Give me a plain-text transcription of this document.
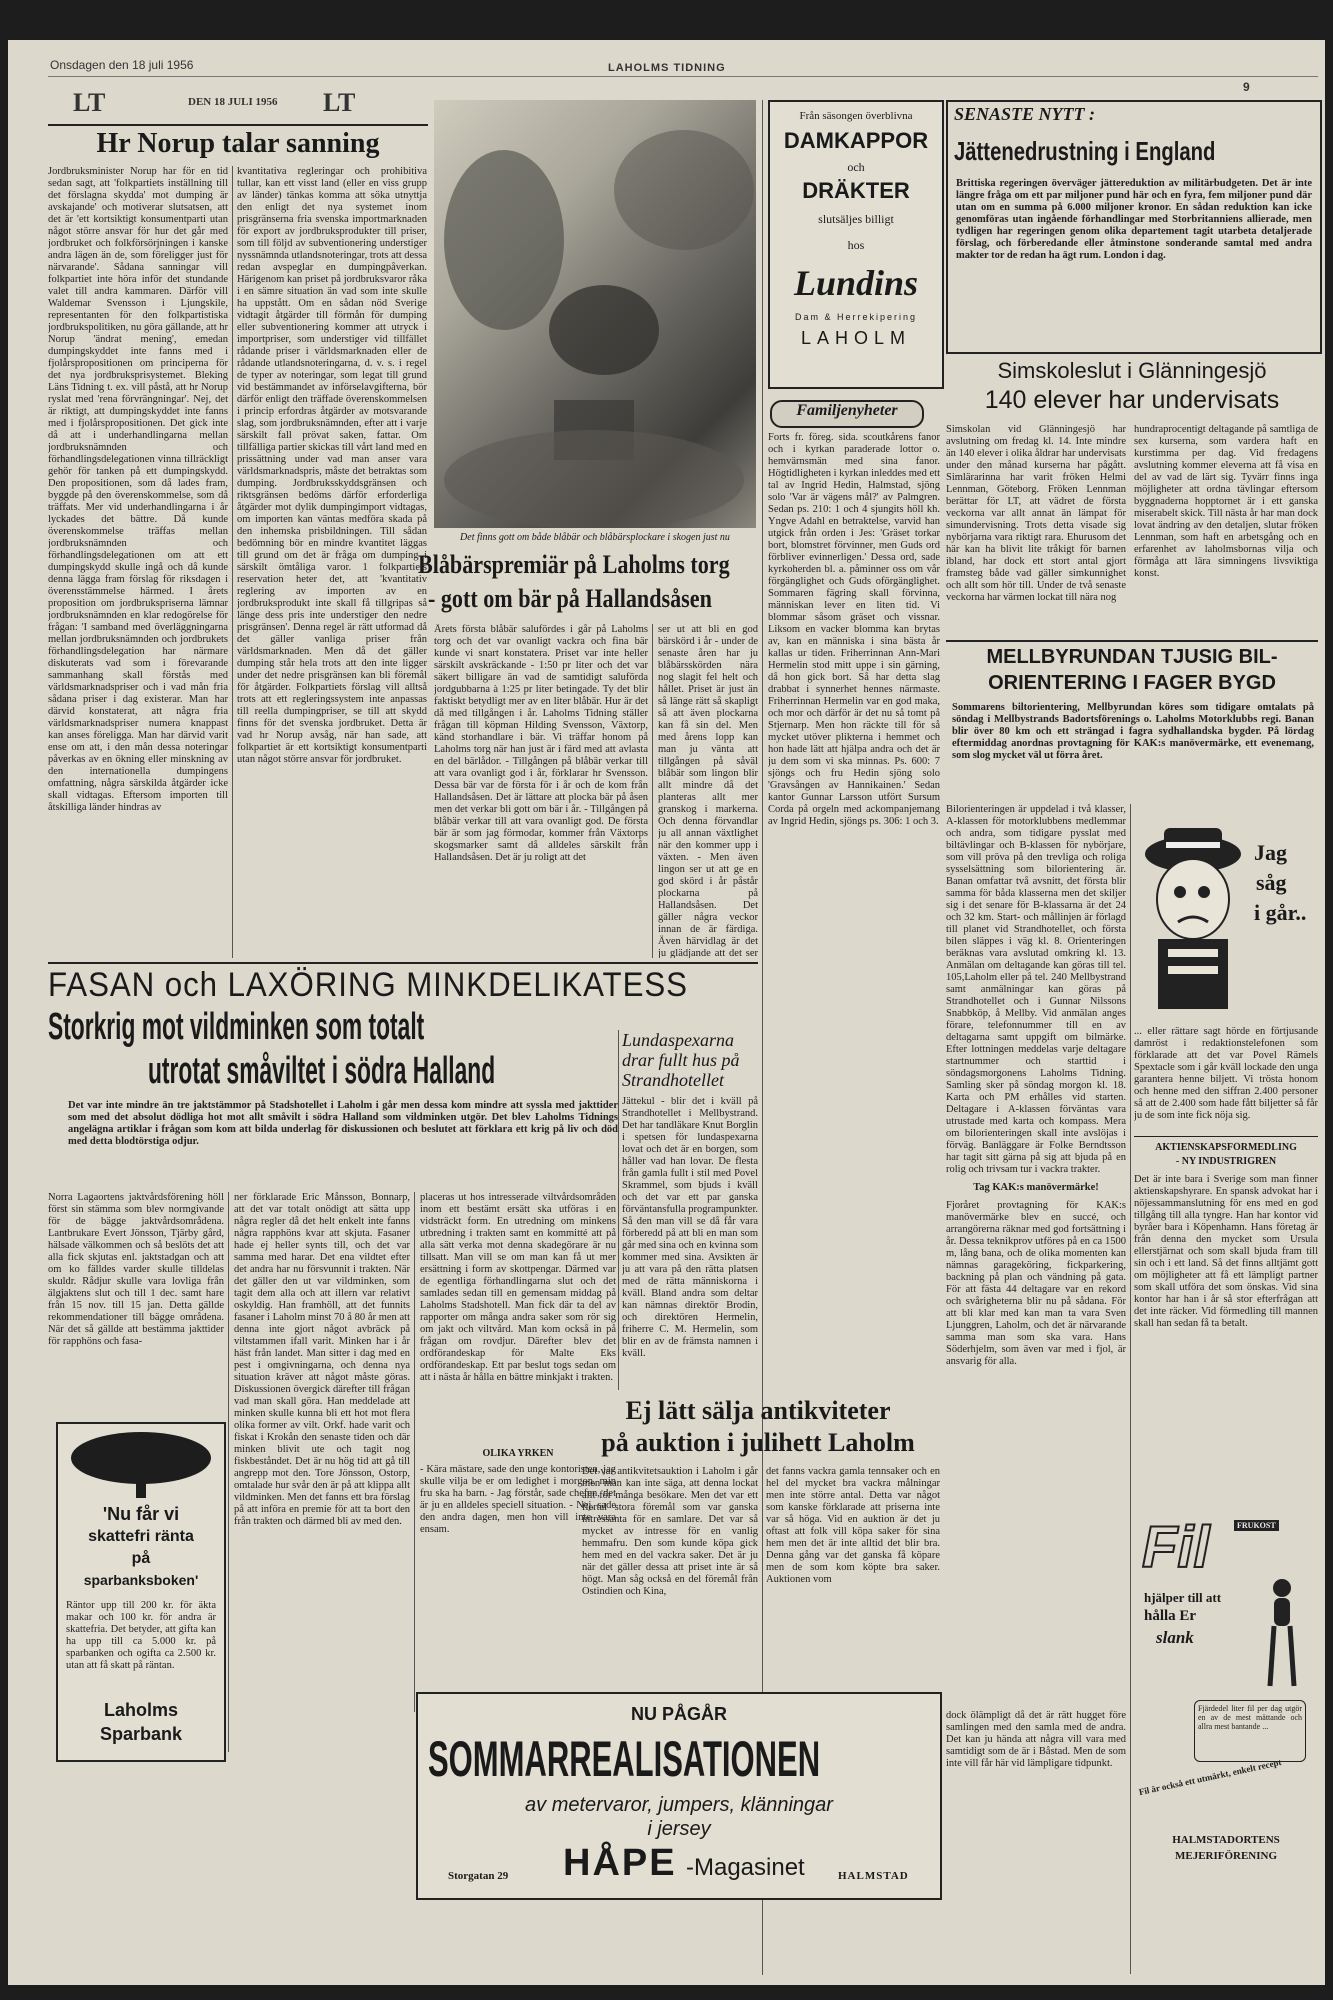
Onsdagen den 18 juli 1956	LAHOLMS TIDNING
9
LT	DEN 18 JULI 1956 LT
Hr Norup talar sanning

Jordbruksminister Norup har för en tid sedan sagt, att 'folkpartiets inställning till det förslagna skydda' mot dumping är avskajande' och motiverar slutsatsen, att det är 'ett kortsiktigt konsumentparti utan något större ansvar för hur det går med jordbruket och folkförsörjningen i kanske andra lägen än de, som föreligger just för närvarande'. Sådana sanningar vill folkpartiet inte höra inför det stundande valet till andra kammaren. Därför vill Waldemar Svensson i Ljungskile, representanten för den folkpartistiska jordbrukspolitiken, nu göra gällande, att hr Norup 'ändrat mening', emedan dumpingskyddet inte fanns med i fjolårspropositionen om principerna för det nya jordbruksprisystemet. Bleking Läns Tidning t. ex. vill påstå, att hr Norup ryslat med 'rena förvrängningar'. Nej, det är riktigt, att dumpingskyddet inte fanns med i fjolårspropositionen. Det gick inte då att i underhandlingarna mellan jordbruksnämnden och förhandlingsdelegationen vinna tillräckligt gehör för tanken på ett dumpingskydd. Den propositionen, som då lades fram, byggde på den överenskommelse, som då träffats. Mer vid underhandlingarna i år lyckades det bättre. Då kunde överenskommelse träffas mellan jordbruksnämnden och förhandlingsdelegationen om att ett dumpingskydd skulle ingå och då kunde denna lägga fram förslag för riksdagen i överensstämmelse härmed. I årets proposition om jordbrukspriserna lämnar jordbruksnämnden en klar redogörelse för frågan: 'I samband med överläggningarna mellan jordbruksnämnden och jordbrukets förhandlingsdelegation har närmare diskuterats vad som i förevarande sammanhang skall förstås med världsmarknadspriser och i vad mån fria sådana priser i dag existerar. Man har därvid konstaterat, att några fria världsmarknadspriser numera knappast kan anses föreligga. Man har därvid varit ense om att, i den mån dessa noteringar påverkas av en ökning eller minskning av den internationella dumpingens omfattning, några särskilda åtgärder icke skall vidtagas. Eftersom importen till åtskilliga länder hindras av

kvantitativa regleringar och prohibitiva tullar, kan ett visst land (eller en viss grupp av länder) tänkas komma att söka utnyttja den enligt det nya systemet inom prisgränserna fria svenska importmarknaden för export av jordbruksprodukter till priser, som till följd av subventionering understiger nyssnämnda utlandsnoteringar, trots att dessa redan avspeglar en dumpingpåverkan. Härigenom kan priset på jordbruksvaror råka i en sämre situation än vad som inte skulle ha uppstått. Om en sådan nöd Sverige vidtagit åtgärder till förmån för dumping eller subventionering kommer att utryck i importpriser, som understiger vid tillfället rådande priser i världsmarknaden eller de rådande utlandsnoteringarna, d. v. s. i regel de typer av noteringar, som legat till grund vid bestämmandet av införselavgifterna, bör därför enligt den träffade överenskommelsen i princip erfordras åtgärder av motsvarande slag, som jordbruksnämnden, efter att i varje särskilt fall prövat saken, fattar. Om tillfälliga partier skickas till vårt land med en prissättning under vad man anser vara världsmarknadspris, måste det betraktas som dumping. Jordbruksskyddsgränsen och riktsgränsen bedöms därför erforderliga åtgärder mot dylik dumpingimport vidtagas, om importen kan väntas medföra skada på den inhemska prisbildningen. Till sådan bedömning bör en mindre kvantitet läggas till grund om det är fråga om dumping i särskilt ömtåliga varor. 1 folkpartiets reservation heter det, att 'kvantitativ reglering av importen av en jordbruksprodukt inte skall få tillgripas så länge dess pris inte understiger den nedre prisgränsen'. Denna regel är rätt utformad då det gäller vanliga priser från världsmarknaden. Men då det gäller dumping står hela trots att den inte ligger under det nedre prisgränsen kan bli föremål för åtgärder. Folkpartiets förslag vill alltså trots att ett regleringssystem inte anpassas till reella dumpingpriser, se till att skydd finns för det svenska jordbruket. Detta är vad hr Norup avsåg, när han sade, att folkpartiet är ett kortsiktigt konsumentparti utan något större ansvar för jordbruket.

Det finns gott om både blåbär och blåbärsplockare i skogen just nu
Blåbärspremiär på Laholms torg
- gott om bär på Hallandsåsen

Årets första blåbär salufördes i går på Laholms torg och det var ovanligt vackra och fina bär kunde vi snart konstatera. Priset var inte heller särskilt avskräckande - 1:50 pr liter och det var säkert billigare än vad de samtidigt saluförda jordgubbarna à 1:25 pr liter betingade. Ty det blir faktiskt betydligt mer av en liter blåbär. Hur är det då med tillgången i år. Laholms Tidning ställer frågan till köpman Hilding Svensson, Växtorp, känd storhandlare i bär. Vi träffar honom på Laholms torg när han just är i färd med att avlasta en del bärlådor. - Tillgången på blåbär verkar till att vara ovanligt god i år, förklarar hr Svensson. Dessa bär var de första för i år och de kom från Hallandsåsen. Det är lättare att plocka bär på åsen men det verkar bli gott om bär i år. - Tillgången på blåbär verkar till att vara ovanligt god. De första bär är som jag förmodar, kommer från Växtorps skogsmarker samt då alldeles särskilt från Hallandsåsen. Det är ju roligt att det

ser ut att bli en god bärskörd i år - under de senaste åren har ju blåbärsskörden nära nog slagit fel helt och hållet. Priset är just än så länge rätt så skapligt så att även plockarna kan få sin del. Men med årens lopp kan man ju vänta att tillgången på såväl blåbär som lingon blir allt mindre då det planteras allt mer granskog i markerna. Och denna förvandlar ju all annan växtlighet när den kommer upp i växten. - Men även lingon ser ut att ge en god skörd i år påstår plockarna på Hallandsåsen. Det gäller några veckor innan de är färdiga. Även härvidlag är det ju glädjande att det ser

Från säsongen överblivna
DAMKAPPOR
och
DRÄKTER
slutsäljes billigt
hos
Lundins
Dam & Herrekipering
LAHOLM
Familjenyheter

Forts fr. föreg. sida. scoutkårens fanor och i kyrkan paraderade lottor o. hemvärnsmän med sina fanor. Högtidligheten i kyrkan inleddes med ett tal av Ingrid Hedin, Halmstad, sjöng solo 'Var är vägens mål?' av Palmgren. Sedan ps. 210: 1 och 4 sjungits höll kh. Yngve Adahl en betraktelse, varvid han utgick från orden i Jes: 'Gräset torkar bort, blomstret förvinner, men Guds ord förbliver evinnerligen.' Dessa ord, sade kyrkoherden bl. a. påminner oss om vår förgänglighet och Guds oförgänglighet. Sommaren fägring skall förvinna, människan lever en liten tid. Vi blommar såsom gräset och vissnar. Liksom en vacker blomma kan brytas av, kan en människa i sina bästa år kallas ur tiden. Friherrinnan Ann-Mari Hermelin stod mitt uppe i sin gärning, då hon gick bort. Så har detta slag drabbat i synnerhet hennes närmaste. Friherrinnan Hermelin var en god maka, och mor och därför är det nu så tomt på Stjernarp. Men hon räckte till för så mycket utöver plikterna i hemmet och hon hade lätt att hjälpa andra och det är ju dem som vi ska minnas. Ps. 600: 7 sjöngs och fru Hedin sjöng solo 'Gravsången av Hannikainen.' Sedan kantor Gunnar Larsson utfört Sursum Corda på orgeln med ackompanjemang av Ingrid Hedin, sjöngs ps. 306: 1 och 3.

SENASTE NYTT :
Jättenedrustning i England

Brittiska regeringen överväger jättereduktion av militärbudgeten. Det är inte längre fråga om ett par miljoner pund här och en fyra, fem miljoner pund där utan om en summa på 6.000 miljoner kronor. En sådan reduktion kan icke genomföras utan ingående förhandlingar med Storbritanniens allierade, men tydligen har regeringen genom olika departement tagit utarbeta detaljerade förslag, och förberedande eller åtminstone sonderande samtal med andra makter tor de redan ha ägt rum. London i dag.

Simskoleslut i Glänningesjö
140 elever har undervisats

Simskolan vid Glänningesjö har avslutning om fredag kl. 14. Inte mindre än 140 elever i olika åldrar har undervisats under den månad kurserna har pågått. Simlärarinna har varit fröken Helmi Lennman, Göteborg. Fröken Lennman berättar för LT, att vädret de första veckorna var allt annat än lämpat för simundervisning. Trots detta visade sig nybörjarna vara riktigt rara. Ehurusom det här kan ha blivit lite tråkigt för barnen ibland, har dock ett stort antal gjort framsteg både vad gäller simkunnighet och allt som hör till. Under de två senaste veckorna har värmen lockat till nära nog

hundraprocentigt deltagande på samtliga de sex kurserna, som vardera haft en kurstimma per dag. Vid fredagens avslutning kommer eleverna att få visa en del av vad de lärt sig. Tyvärr finns inga möjligheter att ordna tävlingar eftersom byggnaderna hopptornet är i ett ganska miserabelt skick. Till nästa år har man dock lovat ändring av den detaljen, slutar fröken Lennman, som haft en arbetsgång och en erfarenhet av laholmsbornas vilja och förmåga att lära simningens livsviktiga konst.

MELLBYRUNDAN TJUSIG BIL-
ORIENTERING I FAGER BYGD

Sommarens biltorientering, Mellbyrundan köres som tidigare omtalats på söndag i Mellbystrands Badortsförenings o. Laholms Motorklubbs regi. Banan blir över 80 km och ett strängad i fagra sydhallandska bygder. På lördag eftermiddag anordnas provtagning för KAK:s manövermärke, ett evenemang, som slog mycket väl ut förra året.

Bilorienteringen är uppdelad i två klasser, A-klassen för motorklubbens medlemmar och andra, som tidigare pysslat med biltävlingar och B-klassen för nybörjare, som vill pröva på den trevliga och roliga sysselsättning som bilorientering är. Banan omfattar två avsnitt, det första blir samma för båda klasserna men det skiljer sig i det senare för B-klassarna är det 24 och 32 km. Start- och mållinjen är förlagd till planet vid Strandhotellet, och första bilen släppes i väg kl. 8. Orienteringen beräknas vara avslutad omkring kl. 13. Anmälan om deltagande kan göras till tel. 105,Laholm eller på tel. 240 Mellbystrand samt anmälningar kan göras på Strandhotellet och i Gunnar Nilssons Snabbköp, å Mellby. Vid anmälan anges förare, telefonnummer till en av deltagarna samt uppgift om bilmärke. Efter lottningen meddelas varje deltagare startnummer och starttid i söndagsmorgonens Laholms Tidning. Samling sker på söndag morgon kl. 18. Karta och PM erhålles vid starten. Deltagare i A-klassen förväntas vara utrustade med karta och kompass. Mera om bilorienteringen skall inte avslöjas i förväg. Banläggare är Folke Berndtsson har tagit sitt gärna på sig att bjuda på en rolig och trivsam tur i vackra trakter.

Tag KAK:s manövermärke!

Fjoråret provtagning för KAK:s manövermärke blev en succé, och arrangörerna räknar med god fortsättning i år. Dessa teknikprov utföres på en ca 1500 m, lång bana, och de olika momenten kan nämnas garageköring, fickparkering, backning på plan och vändning på gata. För att fästa 44 deltagare var en rekord och svårigheterna blir nu på sådana. För att bli klar med kan man ta vara Sven Ljunggren, Laholm, och det är närvarande samma man som ska vara. Hans Söderhjelm, som även var med i fjol, är ansvarig för alla.

dock ölämpligt då det är rätt hugget före samlingen med den samla med de andra. Det kan ju hända att några vill vara med samtidigt som de är i Båstad. Men de som inte vill får här vid lämpligare tidpunkt.

Jag
såg
i går..

... eller rättare sagt hörde en förtjusande damröst i redaktionstelefonen som förklarade att det var Povel Rämels Spextacle som i går kväll lockade den unga garantera henne biljett. Vi trösta honom och henne med den siffran 2.400 personer så att de 2.400 som hade fått biljetter så får ju de som inte fick nöja sig.

AKTIENSKAPSFÖRMEDLING
- NY INDUSTRIGREN

Det är inte bara i Sverige som man finner aktienskapshyrare. En spansk advokat har i nöjessammanslutning för ens med en god tillgång till alla tyngre. Han har kontor vid byråer bara i Köpenhamn. Hans företag är från denna den mycket som Ursula ellerstjärnat och som skall bjuda fram till sin och i ett land. Så det finns alltjämt gott om möjligheter att få ett lämpligt partner som skall utföra det som önskas. Vid sina kontor har han i år så stor efterfrågan att det inte räcker. Vid förmedling till mannen skall han sedan få ta betalt.

Fil	FRUKOST
hjälper till att
hålla Er
slank

Fjärdedel liter fil per dag utgör en av de mest mättande och allra mest bantande ...

Fil är också ett utmärkt, enkelt recept

HALMSTADORTENS
MEJERIFÖRENING
FASAN och LAXÖRING MINKDELIKATESS
Storkrig mot vildminken som totalt
utrotat småviltet i södra Halland

Det var inte mindre än tre jaktstämmor på Stadshotellet i Laholm i går men dessa kom mindre att syssla med jakttider som med det absolut dödliga hot mot allt småvilt i södra Halland som vildminken utgör. Det blev Laholms Tidnings angelägna artiklar i frågan som kom att bilda underlag för diskussionen och beslutet att förklara ett krig på liv och död med detta blodtörstiga odjur.

Norra Lagaortens jaktvårdsförening höll först sin stämma som blev normgivande för de bägge jaktvårdsområdena. Lantbrukare Evert Jönsson, Tjärby gård, hälsade välkommen och så beslöts det att alla fick skjutas enl. jaktstadgan och att om ko fälldes varder skulle tilldelas skuldr. Rådjur skulle vara lovliga från älgjaktens slut och till 1 dec. samt hare från 15 nov. till 15 jan. Detta gällde rekommendationer till bägge områdena. När det så gällde att bestämma jakttider för rapphöns och fasa-

ner förklarade Eric Månsson, Bonnarp, att det var totalt onödigt att sätta upp några regler då det helt enkelt inte fanns några rapphöns kvar att skjuta. Fasaner hade ej heller synts till, och det var samma med harar. Det ena vildtet efter det andra har nu försvunnit i trakten. När det gäller den ut var vildminken, som tagit dem alla och att illern var relativt oskyldig. Han framhöll, att det funnits fasaner i Laholm minst 70 å 80 år men att denna inte gjort något avbräck på viltstammen ifall varit. Minken har i år häst från landet. Man sitter i dag med en pest i omgivningarna, och denna nya situation kräver att något måste göras. Diskussionen övergick därefter till frågan vad man skall göra. Han meddelade att minken skulle kunna bli ett hot mot flera olika former av vilt. Orkf. hade varit och fiskat i Krokån den senaste tiden och där minken blivit ute och tagit nog fiskbeståndet. Det är nu hög tid att gå till angrepp mot den. Tore Jönsson, Ostorp, omtalade hur svår den är på att klippa allt vildminken. Men det fanns ett bra förslag på att införa en premie för att ta bort den från trakten och därmed bli av med den.

placeras ut hos intresserade viltvårdsområden inom ett bestämt ersätt ska utföras i en vidsträckt form. En utredning om minkens utbredning i trakten samt en kommitté att på alla sätt verka mot denna skadegörare är nu tillsatt. Man vill se om man kan få ut mer ersättning i form av skottpengar. Därmed var de egentliga förhandlingarna slut och det samlades sedan till en gemensam middag på Laholms Stadshotell. Man fick där ta del av rapporter om många andra saker som rör sig om jakt och viltvård. Man kom också in på frågan om rovdjur. Därefter blev det ordförandeskap för Malte Eks ordförandeskap. Ett par beslut togs sedan om att i nästa år hålla en bättre minkjakt i trakten.

OLIKA YRKEN

- Kära mästare, sade den unge kontoristen, jag skulle vilja be er om ledighet i morgon, min fru ska ha barn. - Jag förstår, sade chefen, det är ju en alldeles speciell situation. - Nej, sade den andra dagen, men hon vill inte vara ensam.

'Nu får vi
skattefri ränta
på
sparbanksboken'

Räntor upp till 200 kr. för äkta makar och 100 kr. för andra är skattefria. Det betyder, att gifta kan ha upp till ca 5.000 kr. på sparbanken och ogifta ca 2.500 kr. utan att få skatt på räntan.

Laholms
Sparbank
Lundaspexarna
drar fullt hus på
Strandhotellet

Jättekul - blir det i kväll på Strandhotellet i Mellbystrand. Det har tandläkare Knut Borglin i spetsen för lundaspexarna lovat och det är en borgen, som håller vad han lovar. De flesta från gamla fullt i stil med Povel Skrammel, som bjuds i kväll och det var ett par ganska förväntansfulla programpunkter. Så den man vill se då får vara förberedd på att bli en man som går med sina och en kvinna som kommer med sina. Avsikten är ju att vara på den rätta platsen med de rätta människorna i kväll. Bland andra som deltar kan nämnas direktör Brodin, och direktören Hermelin, friherre C. M. Hermelin, som blir en av de främsta namnen i kväll.

Ej lätt sälja antikviteter
på auktion i julihett Laholm

Det var antikvitetsauktion i Laholm i går men man kan inte säga, att denna lockat allt för många besökare. Men det var ett flertal stora föremål som var ganska intressanta för en samlare. Det var så mycket av intresse för en vanlig hemmafru. Den som kunde köpa gick hem med en del vackra saker. Det är ju när det gäller dessa att priset inte är så högt. Man såg också en del föremål från Ostindien och Kina,

det fanns vackra gamla tennsaker och en hel del mycket bra vackra målningar men inte större antal. Detta var något som kanske förklarade att priserna inte var så höga. Vid en auktion är det ju oftast att folk vill köpa saker för sina hem men det är inte alltid det blir bra. Denna gång var det ganska få köpare men de som kom köpte bra saker. Auktionen vom

NU PÅGÅR
SOMMARREALISATIONEN
av metervaror, jumpers, klänningar
i jersey
HÅPE -Magasinet
Storgatan 29	HALMSTAD
